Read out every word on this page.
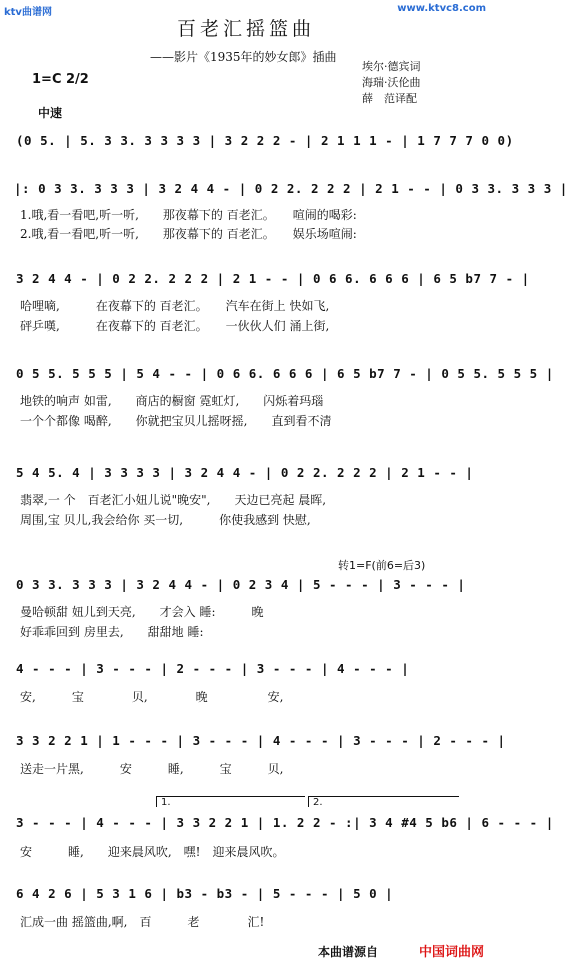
ktv曲谱网	www.ktvc8.com
百老汇摇篮曲
——影片《1935年的妙女郎》插曲
埃尔·德宾词
海瑞·沃伦曲
薛　范译配
1=C 2/2
中速
(0 5. | 5. 3 3. 3 3 3 3 | 3 2 2 2 - | 2 1 1 1 - | 1 7 7 7 0 0)
|: 0 3 3. 3 3 3 | 3 2 4 4 - | 0 2 2. 2 2 2 | 2 1 - - | 0 3 3. 3 3 3 |
1.哦,看一看吧,听一听,　　那夜幕下的 百老汇。　　喧闹的喝彩:
2.哦,看一看吧,听一听,　　那夜幕下的 百老汇。　　娱乐场喧闹:
3 2 4 4 - | 0 2 2. 2 2 2 | 2 1 - - | 0 6 6. 6 6 6 | 6 5 b7 7 - |
哈哩嘀,　　　在夜幕下的 百老汇。　　汽车在街上 快如飞,
砰乒嘆,　　　在夜幕下的 百老汇。　　一伙伙人们 涌上街,
0 5 5. 5 5 5 | 5 4 - - | 0 6 6. 6 6 6 | 6 5 b7 7 - | 0 5 5. 5 5 5 |
地铁的响声 如雷,　　商店的橱窗 霓虹灯,　　闪烁着玛瑙
一个个都像 喝醉,　　你就把宝贝儿摇呀摇,　　直到看不清
5 4 5. 4 | 3 3 3 3 | 3 2 4 4 - | 0 2 2. 2 2 2 | 2 1 - - |
翡翠,一 个　百老汇小妞儿说"晚安",　　天边已亮起 晨晖,
周围,宝 贝儿,我会给你 买一切,　　　你使我感到 快慰,
转1=F(前6=后3)
0 3 3. 3 3 3 | 3 2 4 4 - | 0 2 3 4 | 5 - - - | 3 - - - |
曼哈顿甜 妞儿到天亮,　　才会入 睡:　　　晚
好乖乖回到 房里去,　　甜甜地 睡:
4 - - - | 3 - - - | 2 - - - | 3 - - - | 4 - - - |
安,　　　宝　　　　贝,　　　　晚　　　　　安,
3 3 2 2 1 | 1 - - - | 3 - - - | 4 - - - | 3 - - - | 2 - - - |
送走一片黑,　　　安　　　睡,　　　宝　　　贝,
1.	2.
3 - - - | 4 - - - | 3 3 2 2 1 | 1. 2 2 - :| 3 4 #4 5 b6 | 6 - - - |
安　　　睡,　　迎来晨风吹,　嘿!　迎来晨风吹。
6 4 2 6 | 5 3 1 6 | b3 - b3 - | 5 - - - | 5 0 |
汇成一曲 摇篮曲,啊,　百　　　老　　　　汇!
本曲谱源自	中国词曲网
